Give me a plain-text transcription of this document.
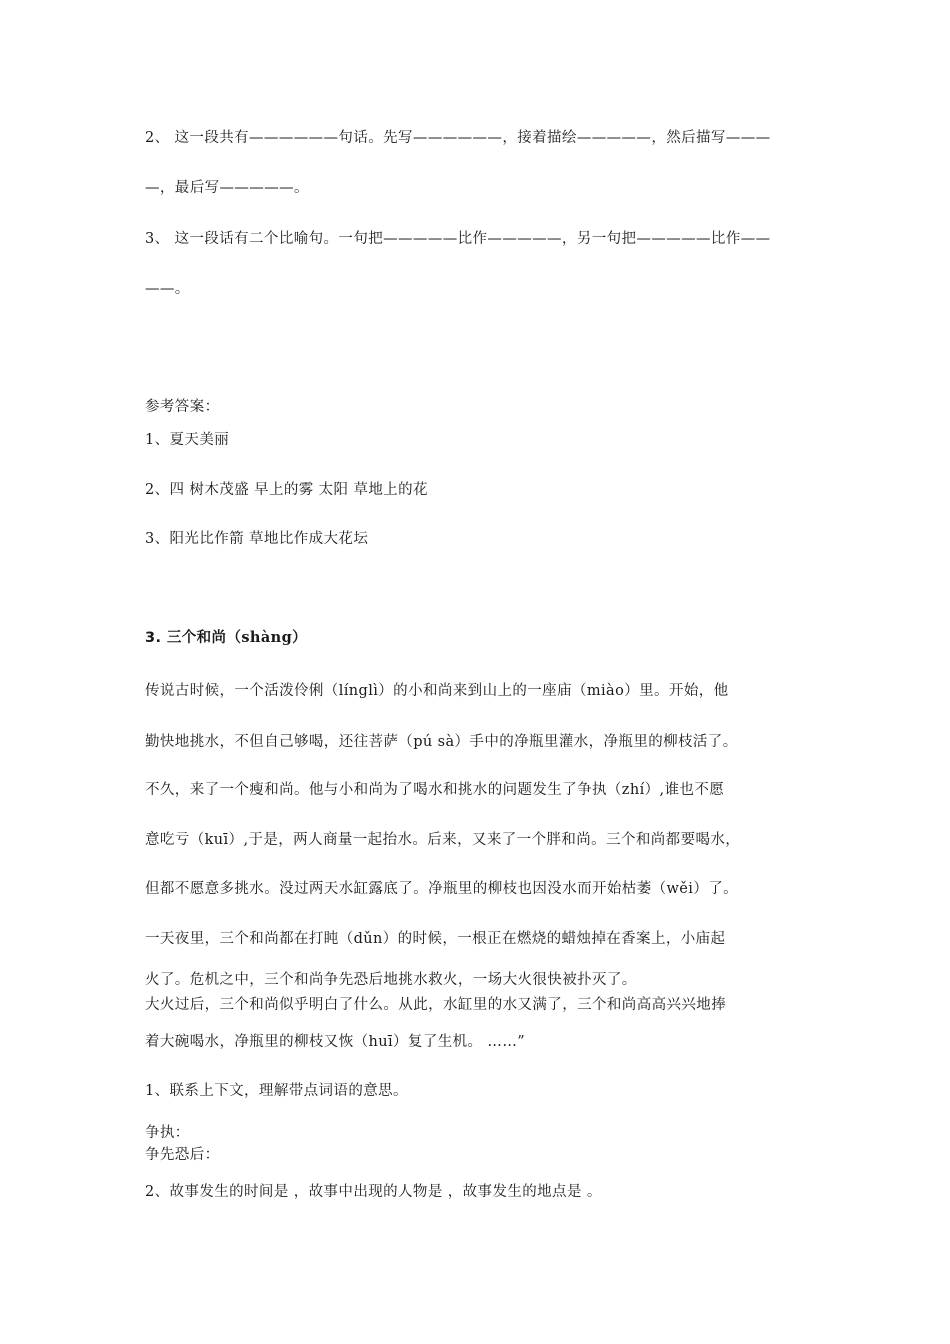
2、 这一段共有——————句话。先写——————，接着描绘—————，然后描写———
—，最后写—————。
3、 这一段话有二个比喻句。一句把—————比作—————，另一句把—————比作——
——。
参考答案：
1、夏天美丽
2、四 树木茂盛 早上的雾 太阳 草地上的花
3、阳光比作箭 草地比作成大花坛
3. 三个和尚（shàng）
传说古时候，一个活泼伶俐（línglì）的小和尚来到山上的一座庙（miào）里。开始，他
勤快地挑水，不但自己够喝，还往菩萨（pú sà）手中的净瓶里灌水，净瓶里的柳枝活了。
不久，来了一个瘦和尚。他与小和尚为了喝水和挑水的问题发生了争执（zhí）,谁也不愿
意吃亏（kuī）,于是，两人商量一起抬水。后来，又来了一个胖和尚。三个和尚都要喝水，
但都不愿意多挑水。没过两天水缸露底了。净瓶里的柳枝也因没水而开始枯萎（wěi）了。
一天夜里，三个和尚都在打盹（dǔn）的时候，一根正在燃烧的蜡烛掉在香案上，小庙起
火了。危机之中，三个和尚争先恐后地挑水救火，一场大火很快被扑灭了。
大火过后，三个和尚似乎明白了什么。从此，水缸里的水又满了，三个和尚高高兴兴地捧
着大碗喝水，净瓶里的柳枝又恢（huī）复了生机。 ……”
1、联系上下文，理解带点词语的意思。
争执：
争先恐后：
2、故事发生的时间是 ，故事中出现的人物是 ，故事发生的地点是 。
